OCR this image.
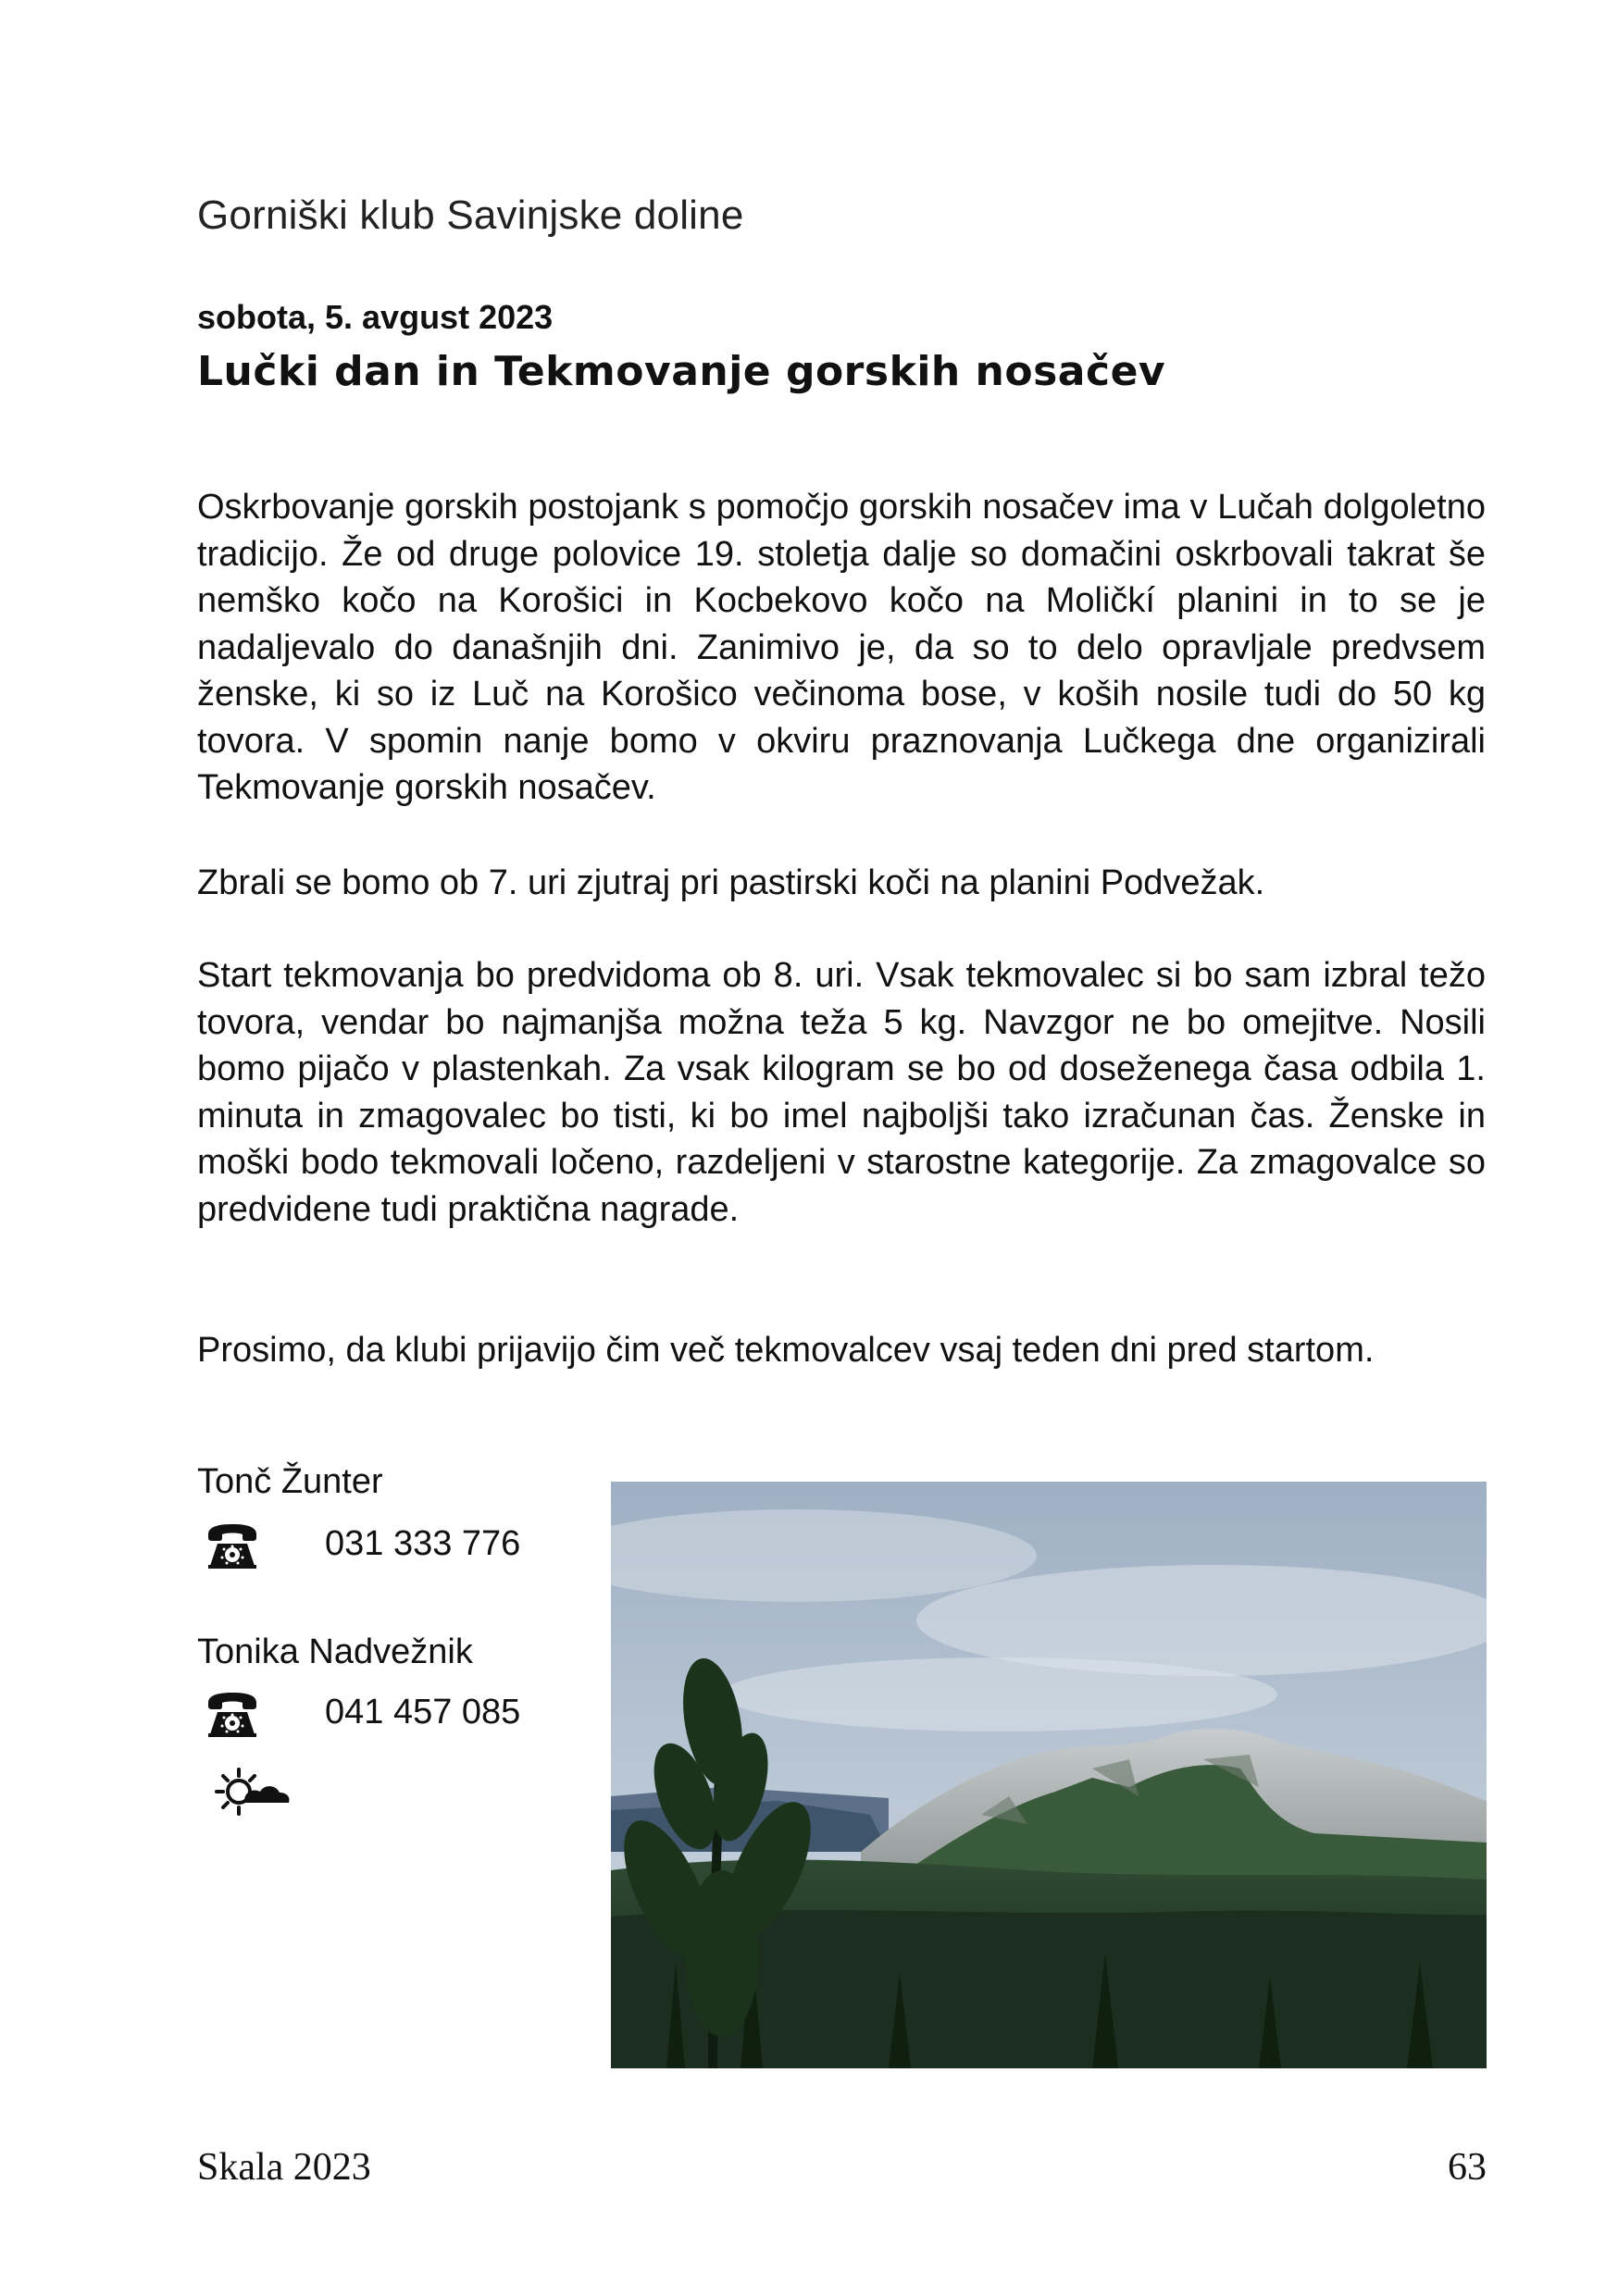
Gorniški klub Savinjske doline
sobota, 5. avgust 2023
Lučki dan in Tekmovanje gorskih nosačev

Oskrbovanje gorskih postojank s pomočjo gorskih nosačev ima v Lučah dolgoletno tradicijo. Že od druge polovice 19. stoletja dalje so domačini oskrbovali takrat še nemško kočo na Korošici in Kocbekovo kočo na Moličkí planini in to se je nadaljevalo do današnjih dni. Zanimivo je, da so to delo opravljale predvsem ženske, ki so iz Luč na Korošico večinoma bose, v koših nosile tudi do 50 kg tovora. V spomin nanje bomo v okviru praznovanja Lučkega dne organizirali Tekmovanje gorskih nosačev.

Zbrali se bomo ob 7. uri zjutraj pri pastirski koči na planini Podvežak.

Start tekmovanja bo predvidoma ob 8. uri. Vsak tekmovalec si bo sam izbral težo tovora, vendar bo najmanjša možna teža 5 kg. Navzgor ne bo omejitve. Nosili bomo pijačo v plastenkah. Za vsak kilogram se bo od doseženega časa odbila 1. minuta in zmagovalec bo tisti, ki bo imel najboljši tako izračunan čas. Ženske in moški bodo tekmovali ločeno, razdeljeni v starostne kategorije. Za zmagovalce so predvidene tudi praktična nagrade.

Prosimo, da klubi prijavijo čim več tekmovalcev vsaj teden dni pred startom.

Tonč Žunter
031 333 776
Tonika Nadvežnik
041 457 085
Skala 2023	63
